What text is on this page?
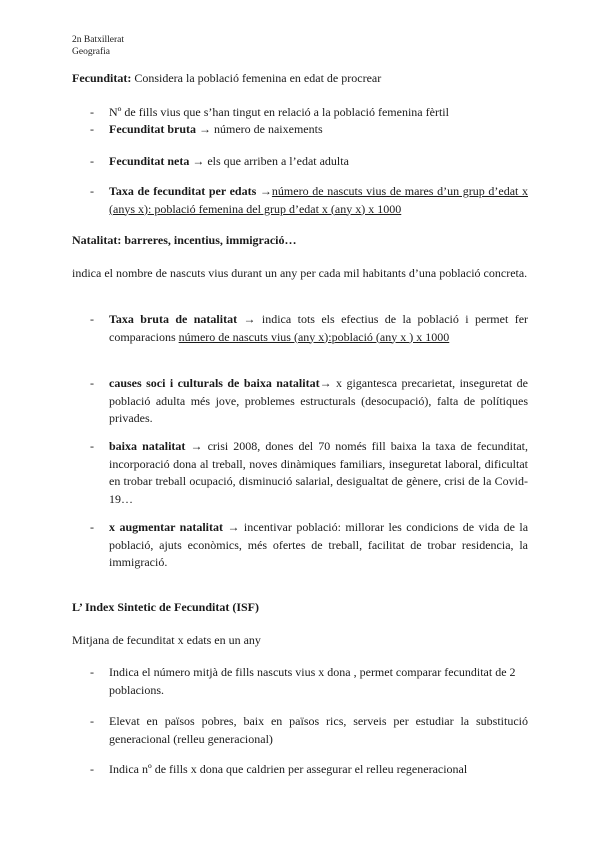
2n Batxillerat
Geografia

Fecunditat: Considera la població femenina en edat de procrear

- Nº de fills vius que s’han tingut en relació a la població femenina fèrtil
- Fecunditat bruta → número de naixements
- Fecunditat neta → els que arriben a l’edat adulta
- Taxa de fecunditat per edats →número de nascuts vius de mares d’un grup d’edat x (anys x): població femenina del grup d’edat x (any x) x 1000

Natalitat: barreres, incentius, immigració…

indica el nombre de nascuts vius durant un any per cada mil habitants d’una població concreta.

- Taxa bruta de natalitat → indica tots els efectius de la població i permet fer comparacions número de nascuts vius (any x):població (any x ) x 1000
- causes soci i culturals de baixa natalitat→ x gigantesca precarietat, inseguretat de població adulta més jove, problemes estructurals (desocupació), falta de polítiques privades.
- baixa natalitat → crisi 2008, dones del 70 només fill baixa la taxa de fecunditat, incorporació dona al treball, noves dinàmiques familiars, inseguretat laboral, dificultat en trobar treball ocupació, disminució salarial, desigualtat de gènere, crisi de la Covid-19…
- x augmentar natalitat → incentivar població: millorar les condicions de vida de la població, ajuts econòmics, més ofertes de treball, facilitat de trobar residencia, la immigració.

L’ Index Sintetic de Fecunditat (ISF)

Mitjana de fecunditat x edats en un any

- Indica el número mitjà de fills nascuts vius x dona , permet comparar fecunditat de 2 poblacions.
- Elevat en països pobres, baix en països rics, serveis per estudiar la substitució generacional (relleu generacional)
- Indica nº de fills x dona que caldrien per assegurar el relleu regeneracional
